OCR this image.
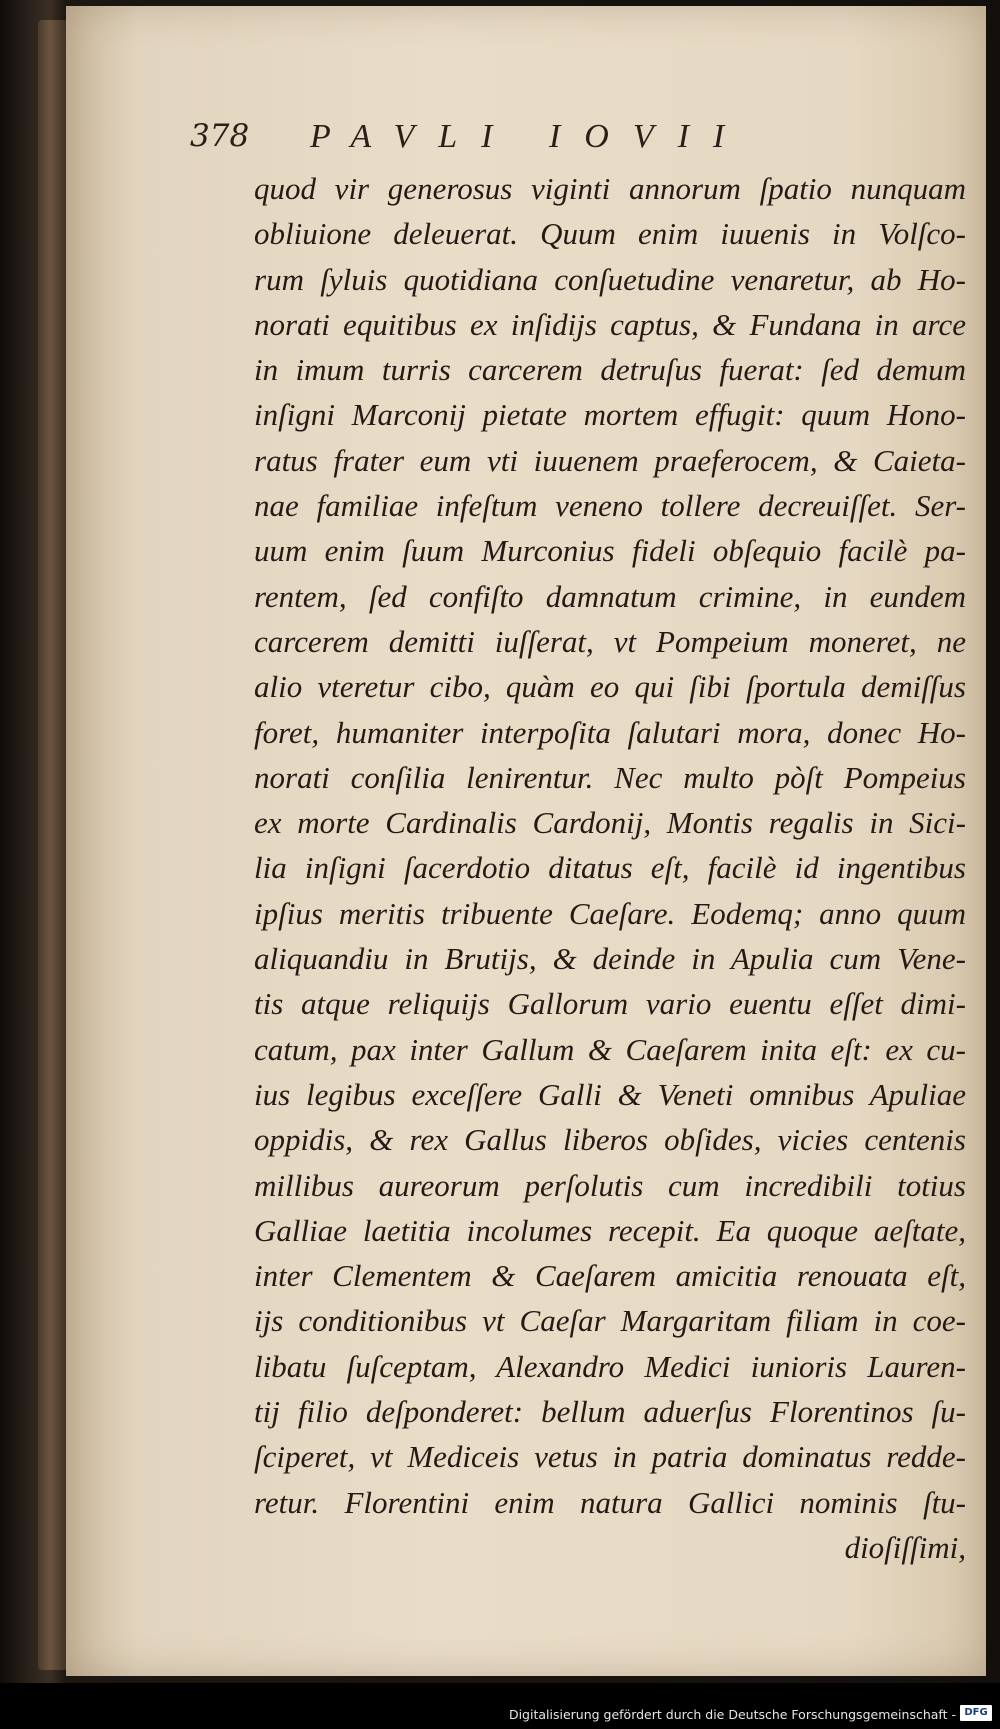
378 PAVLI IOVII
quod vir generosus viginti annorum ſpatio nunquam
obliuione deleuerat. Quum enim iuuenis in Volſco-
rum ſyluis quotidiana conſuetudine venaretur, ab Ho-
norati equitibus ex inſidijs captus, & Fundana in arce
in imum turris carcerem detruſus fuerat: ſed demum
inſigni Marconij pietate mortem effugit: quum Hono-
ratus frater eum vti iuuenem praeferocem, & Caieta-
nae familiae infeſtum veneno tollere decreuiſſet. Ser-
uum enim ſuum Murconius fideli obſequio facilè pa-
rentem, ſed confiſto damnatum crimine, in eundem
carcerem demitti iuſſerat, vt Pompeium moneret, ne
alio vteretur cibo, quàm eo qui ſibi ſportula demiſſus
foret, humaniter interpoſita ſalutari mora, donec Ho-
norati conſilia lenirentur. Nec multo pòſt Pompeius
ex morte Cardinalis Cardonij, Montis regalis in Sici-
lia inſigni ſacerdotio ditatus eſt, facilè id ingentibus
ipſius meritis tribuente Caeſare. Eodemq; anno quum
aliquandiu in Brutijs, & deinde in Apulia cum Vene-
tis atque reliquijs Gallorum vario euentu eſſet dimi-
catum, pax inter Gallum & Caeſarem inita eſt: ex cu-
ius legibus exceſſere Galli & Veneti omnibus Apuliae
oppidis, & rex Gallus liberos obſides, vicies centenis
millibus aureorum perſolutis cum incredibili totius
Galliae laetitia incolumes recepit. Ea quoque aeſtate,
inter Clementem & Caeſarem amicitia renouata eſt,
ijs conditionibus vt Caeſar Margaritam filiam in coe-
libatu ſuſceptam, Alexandro Medici iunioris Lauren-
tij filio deſponderet: bellum aduerſus Florentinos ſu-
ſciperet, vt Mediceis vetus in patria dominatus redde-
retur. Florentini enim natura Gallici nominis ſtu-
dioſiſſimi,
Digitalisierung gefördert durch die Deutsche Forschungsgemeinschaft - DFG
